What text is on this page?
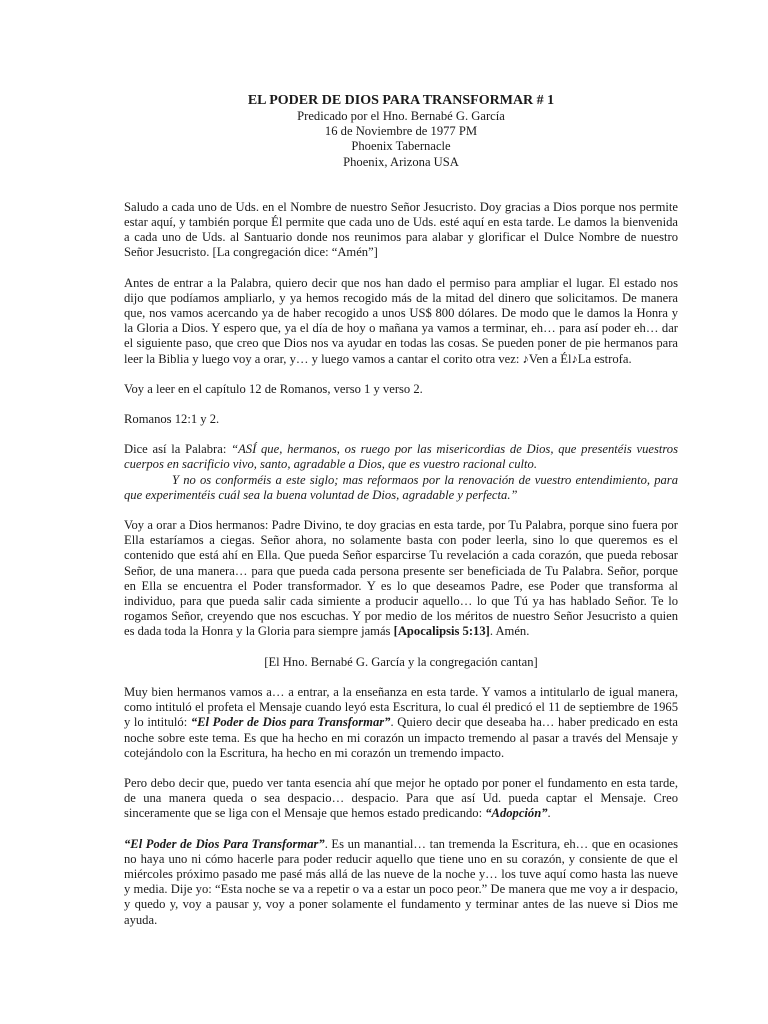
EL PODER DE DIOS PARA TRANSFORMAR # 1
Predicado por el Hno. Bernabé G. García
16 de Noviembre de 1977 PM
Phoenix Tabernacle
Phoenix, Arizona USA

Saludo a cada uno de Uds. en el Nombre de nuestro Señor Jesucristo. Doy gracias a Dios porque nos permite estar aquí, y también porque Él permite que cada uno de Uds. esté aquí en esta tarde. Le damos la bienvenida a cada uno de Uds. al Santuario donde nos reunimos para alabar y glorificar el Dulce Nombre de nuestro Señor Jesucristo. [La congregación dice: “Amén”]

Antes de entrar a la Palabra, quiero decir que nos han dado el permiso para ampliar el lugar. El estado nos dijo que podíamos ampliarlo, y ya hemos recogido más de la mitad del dinero que solicitamos. De manera que, nos vamos acercando ya de haber recogido a unos US$ 800 dólares. De modo que le damos la Honra y la Gloria a Dios. Y espero que, ya el día de hoy o mañana ya vamos a terminar, eh… para así poder eh… dar el siguiente paso, que creo que Dios nos va ayudar en todas las cosas. Se pueden poner de pie hermanos para leer la Biblia y luego voy a orar, y… y luego vamos a cantar el corito otra vez: ♪Ven a Él♪La estrofa.

Voy a leer en el capítulo 12 de Romanos, verso 1 y verso 2.

Romanos 12:1 y 2.

Dice así la Palabra: “ASÍ que, hermanos, os ruego por las misericordias de Dios, que presentéis vuestros cuerpos en sacrificio vivo, santo, agradable a Dios, que es vuestro racional culto.
Y no os conforméis a este siglo; mas reformaos por la renovación de vuestro entendimiento, para que experimentéis cuál sea la buena voluntad de Dios, agradable y perfecta.”

Voy a orar a Dios hermanos: Padre Divino, te doy gracias en esta tarde, por Tu Palabra, porque sino fuera por Ella estaríamos a ciegas. Señor ahora, no solamente basta con poder leerla, sino lo que queremos es el contenido que está ahí en Ella. Que pueda Señor esparcirse Tu revelación a cada corazón, que pueda rebosar Señor, de una manera… para que pueda cada persona presente ser beneficiada de Tu Palabra. Señor, porque en Ella se encuentra el Poder transformador. Y es lo que deseamos Padre, ese Poder que transforma al individuo, para que pueda salir cada simiente a producir aquello… lo que Tú ya has hablado Señor. Te lo rogamos Señor, creyendo que nos escuchas. Y por medio de los méritos de nuestro Señor Jesucristo a quien es dada toda la Honra y la Gloria para siempre jamás [Apocalipsis 5:13]. Amén.

[El Hno. Bernabé G. García y la congregación cantan]

Muy bien hermanos vamos a… a entrar, a la enseñanza en esta tarde. Y vamos a intitularlo de igual manera, como intituló el profeta el Mensaje cuando leyó esta Escritura, lo cual él predicó el 11 de septiembre de 1965 y lo intituló: “El Poder de Dios para Transformar”. Quiero decir que deseaba ha… haber predicado en esta noche sobre este tema. Es que ha hecho en mi corazón un impacto tremendo al pasar a través del Mensaje y cotejándolo con la Escritura, ha hecho en mi corazón un tremendo impacto.

Pero debo decir que, puedo ver tanta esencia ahí que mejor he optado por poner el fundamento en esta tarde, de una manera queda o sea despacio… despacio. Para que así Ud. pueda captar el Mensaje. Creo sinceramente que se liga con el Mensaje que hemos estado predicando: “Adopción”.

“El Poder de Dios Para Transformar”. Es un manantial… tan tremenda la Escritura, eh… que en ocasiones no haya uno ni cómo hacerle para poder reducir aquello que tiene uno en su corazón, y consiente de que el miércoles próximo pasado me pasé más allá de las nueve de la noche y… los tuve aquí como hasta las nueve y media. Dije yo: “Esta noche se va a repetir o va a estar un poco peor.” De manera que me voy a ir despacio, y quedo y, voy a pausar y, voy a poner solamente el fundamento y terminar antes de las nueve si Dios me ayuda.
